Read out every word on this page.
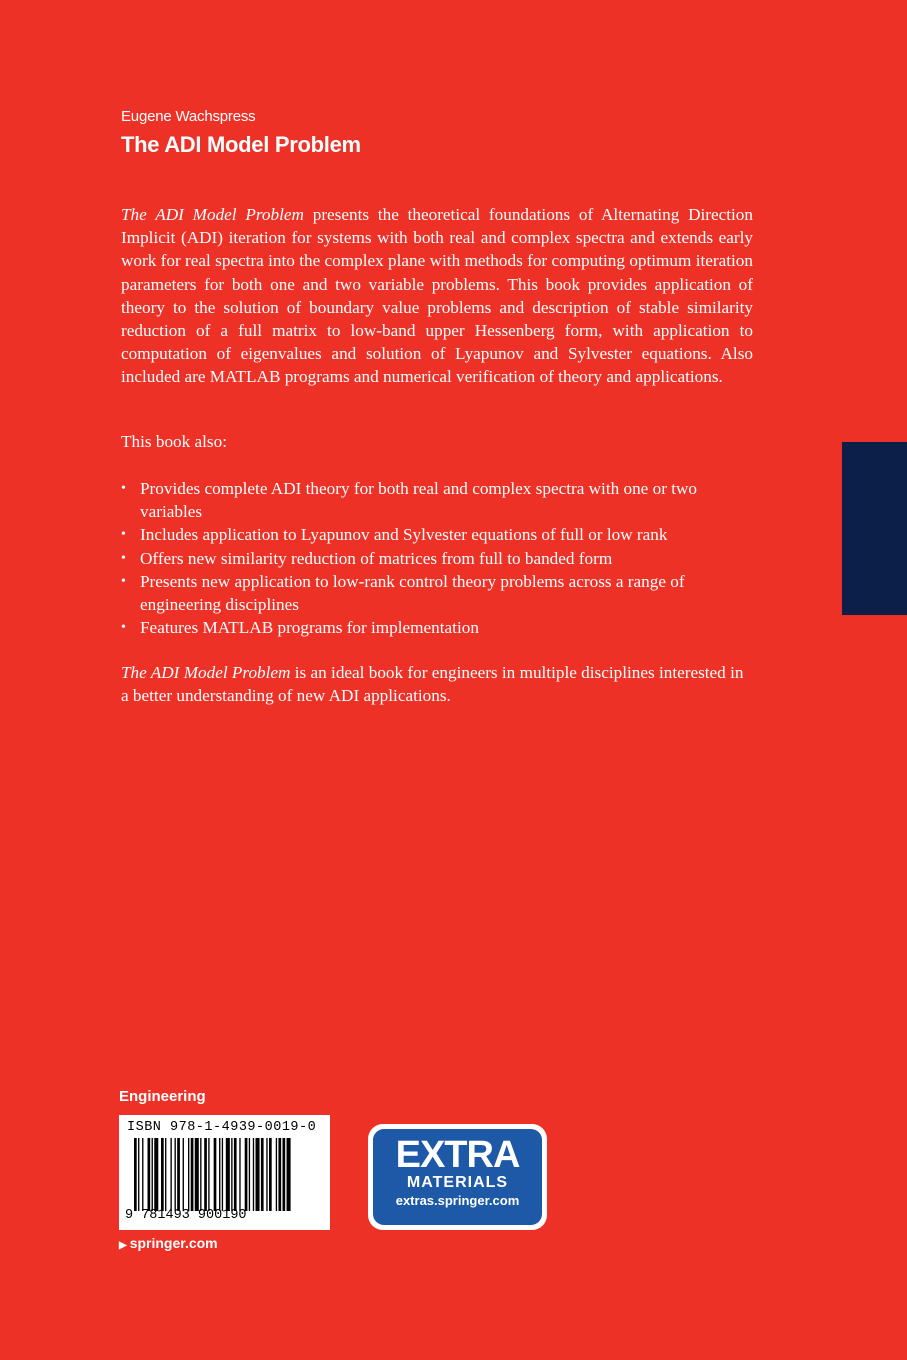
Eugene Wachspress
The ADI Model Problem

The ADI Model Problem presents the theoretical foundations of Alternating Direction Implicit (ADI) iteration for systems with both real and complex spectra and extends early work for real spectra into the complex plane with methods for computing optimum iteration parameters for both one and two variable problems. This book provides application of theory to the solution of boundary value problems and description of stable similarity reduction of a full matrix to low-band upper Hessenberg form, with application to computation of eigenvalues and solution of Lyapunov and Sylvester equations. Also included are MATLAB programs and numerical verification of theory and applications.

This book also:
• Provides complete ADI theory for both real and complex spectra with one or two variables
• Includes application to Lyapunov and Sylvester equations of full or low rank
• Offers new similarity reduction of matrices from full to banded form
• Presents new application to low-rank control theory problems across a range of engineering disciplines
• Features MATLAB programs for implementation
The ADI Model Problem is an ideal book for engineers in multiple disciplines interested in a better understanding of new ADI applications.
Engineering
ISBN 978-1-4939-0019-0
9 781493 900190
▶ springer.com
EXTRA
MATERIALS
extras.springer.com
